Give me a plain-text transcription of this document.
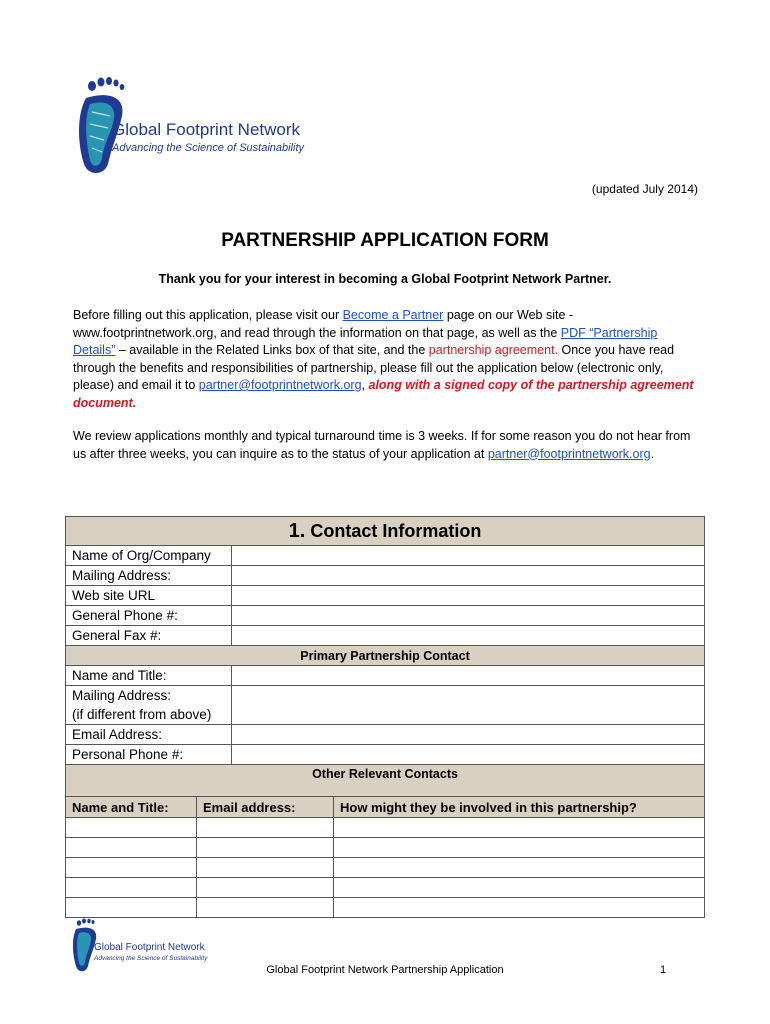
Global Footprint Network
Advancing the Science of Sustainability
(updated July 2014)
PARTNERSHIP APPLICATION FORM
Thank you for your interest in becoming a Global Footprint Network Partner.
Before filling out this application, please visit our Become a Partner page on our Web site - www.footprintnetwork.org, and read through the information on that page, as well as the PDF “Partnership Details” – available in the Related Links box of that site, and the partnership agreement. Once you have read through the benefits and responsibilities of partnership, please fill out the application below (electronic only, please) and email it to partner@footprintnetwork.org, along with a signed copy of the partnership agreement document.
We review applications monthly and typical turnaround time is 3 weeks. If for some reason you do not hear from us after three weeks, you can inquire as to the status of your application at partner@footprintnetwork.org.
1. Contact Information	
Name of Org/Company	
Mailing Address:	
Web site URL	
General Phone #:	
General Fax #:	
Primary Partnership Contact	
Name and Title:	
Mailing Address:	
(if different from above)	
Email Address:	
Personal Phone #:	
Other Relevant Contacts	
Name and Title:	Email address:	How might they be involved in this partnership?

Global Footprint Network
Advancing the Science of Sustainability
Global Footprint Network Partnership Application	1
